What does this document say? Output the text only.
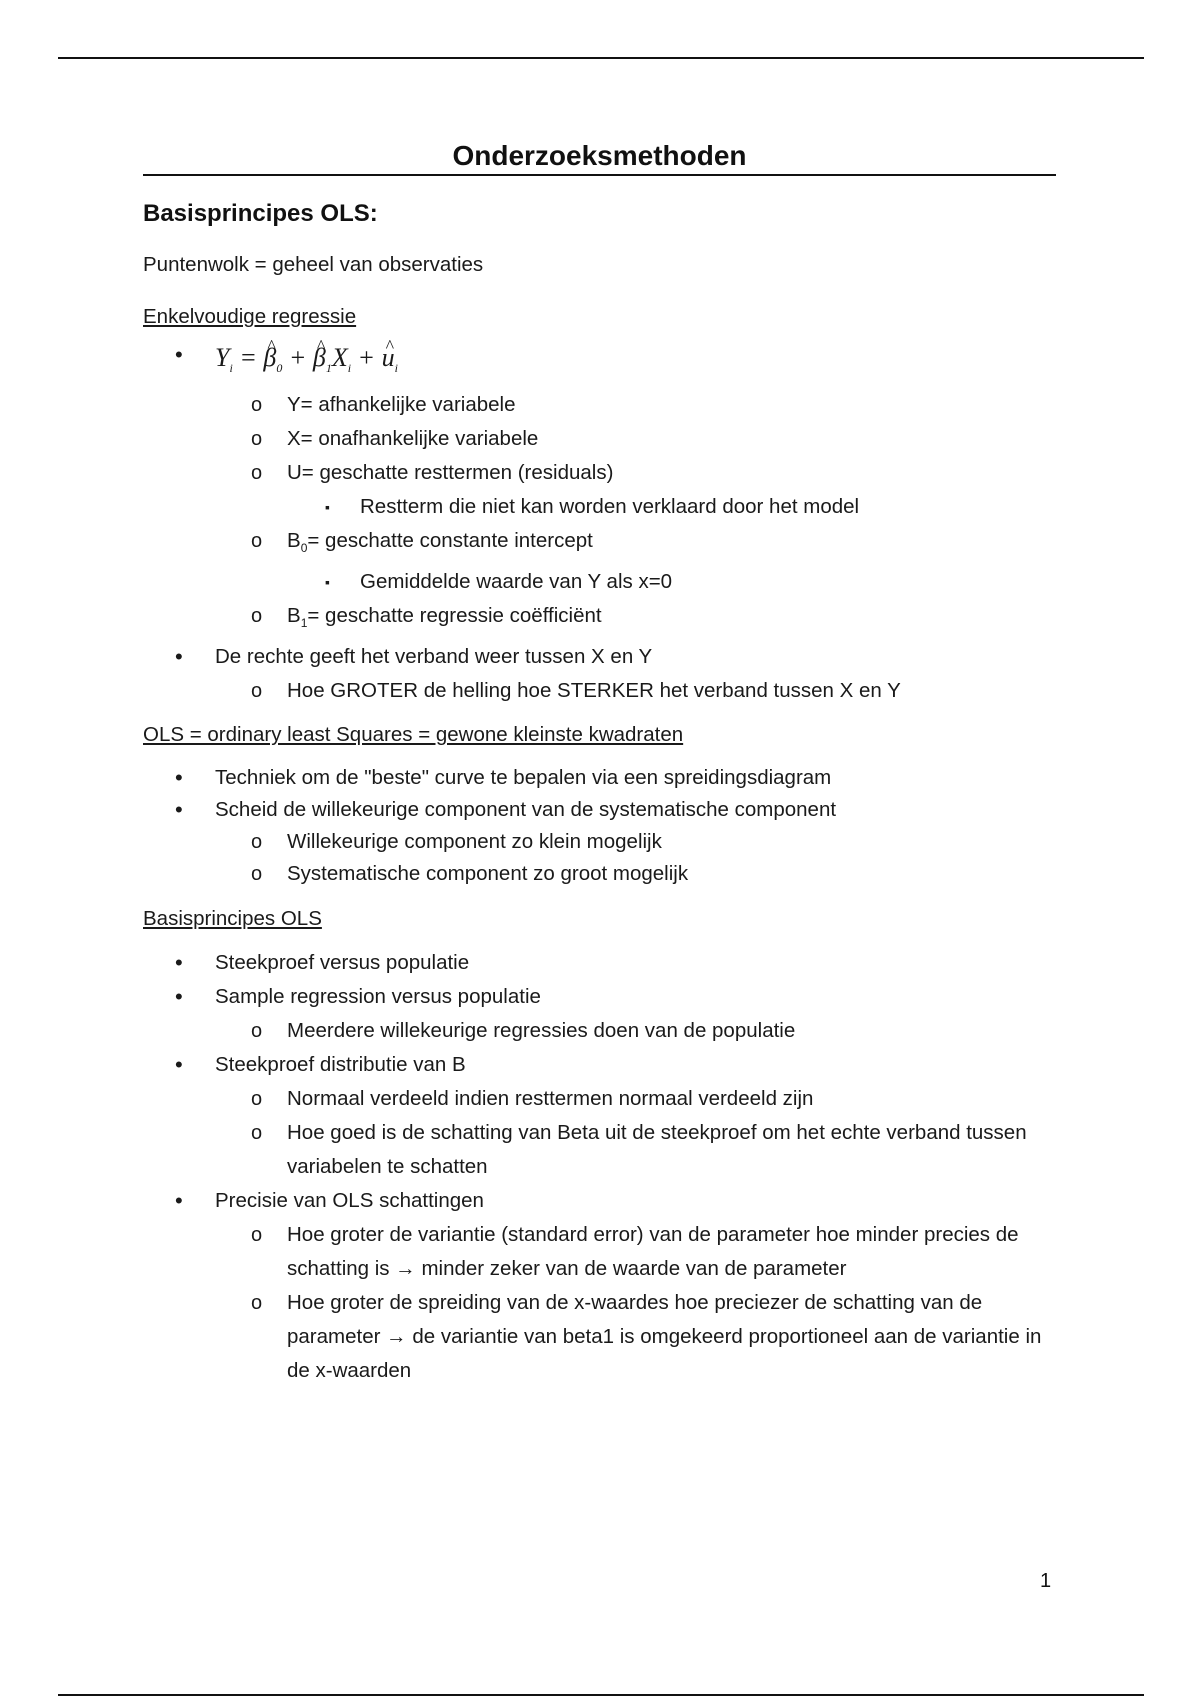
Onderzoeksmethoden
Basisprincipes OLS:

Puntenwolk = geheel van observaties

Enkelvoudige regressie

• $Y_i$ = ^ $\beta_0$ + ^ $\beta_1X_i$ + ^ $u_i$
o Y= afhankelijke variabele
o X= onafhankelijke variabele
o U= geschatte resttermen (residuals)
▪ Restterm die niet kan worden verklaard door het model
o $B_0=$ geschatte constante intercept
▪ Gemiddelde waarde van Y als x=0
o $B_1=$ geschatte regressie coëfficiënt
• De rechte geeft het verband weer tussen X en Y
o Hoe GROTER de helling hoe STERKER het verband tussen X en Y

OLS = ordinary least Squares = gewone kleinste kwadraten

• Techniek om de "beste" curve te bepalen via een spreidingsdiagram
• Scheid de willekeurige component van de systematische component
o Willekeurige component zo klein mogelijk
o Systematische component zo groot mogelijk

Basisprincipes OLS

• Steekproef versus populatie
• Sample regression versus populatie
o Meerdere willekeurige regressies doen van de populatie
• Steekproef distributie van B
o Normaal verdeeld indien resttermen normaal verdeeld zijn
o Hoe goed is de schatting van Beta uit de steekproef om het echte verband tussen variabelen te schatten
• Precisie van OLS schattingen
o Hoe groter de variantie (standard error) van de parameter hoe minder precies de schatting is → minder zeker van de waarde van de parameter
o Hoe groter de spreiding van de x-waardes hoe preciezer de schatting van de parameter → de variantie van beta1 is omgekeerd proportioneel aan de variantie in de x-waarden
1
